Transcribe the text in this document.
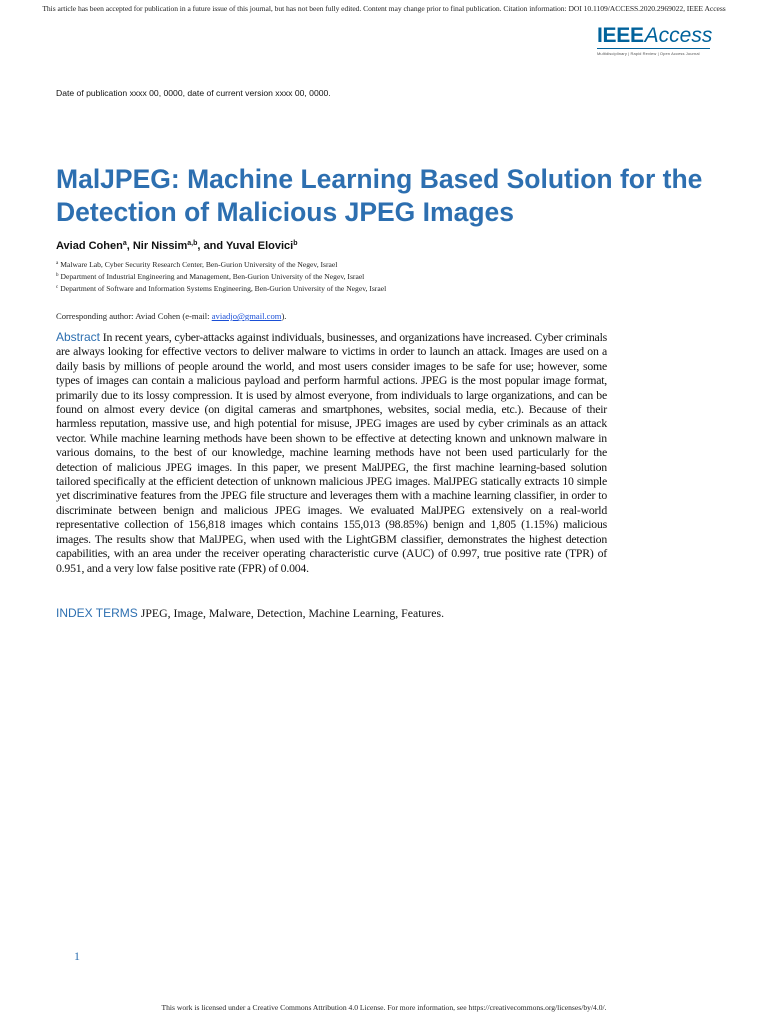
This article has been accepted for publication in a future issue of this journal, but has not been fully edited. Content may change prior to final publication. Citation information: DOI 10.1109/ACCESS.2020.2969022, IEEE Access
IEEEAccess
Multidisciplinary | Rapid Review | Open Access Journal
Date of publication xxxx 00, 0000, date of current version xxxx 00, 0000.
MalJPEG: Machine Learning Based Solution for the Detection of Malicious JPEG Images
Aviad Cohen$^a$, Nir Nissim$^{a,b}$, and Yuval Elovici$^b$
$^a$ Malware Lab, Cyber Security Research Center, Ben-Gurion University of the Negev, Israel
$^b$ Department of Industrial Engineering and Management, Ben-Gurion University of the Negev, Israel
$^c$ Department of Software and Information Systems Engineering, Ben-Gurion University of the Negev, Israel
Corresponding author: Aviad Cohen (e-mail: aviadjo@gmail.com).

Abstract In recent years, cyber-attacks against individuals, businesses, and organizations have increased. Cyber criminals are always looking for effective vectors to deliver malware to victims in order to launch an attack. Images are used on a daily basis by millions of people around the world, and most users consider images to be safe for use; however, some types of images can contain a malicious payload and perform harmful actions. JPEG is the most popular image format, primarily due to its lossy compression. It is used by almost everyone, from individuals to large organizations, and can be found on almost every device (on digital cameras and smartphones, websites, social media, etc.). Because of their harmless reputation, massive use, and high potential for misuse, JPEG images are used by cyber criminals as an attack vector. While machine learning methods have been shown to be effective at detecting known and unknown malware in various domains, to the best of our knowledge, machine learning methods have not been used particularly for the detection of malicious JPEG images. In this paper, we present MalJPEG, the first machine learning-based solution tailored specifically at the efficient detection of unknown malicious JPEG images. MalJPEG statically extracts 10 simple yet discriminative features from the JPEG file structure and leverages them with a machine learning classifier, in order to discriminate between benign and malicious JPEG images. We evaluated MalJPEG extensively on a real-world representative collection of 156,818 images which contains 155,013 (98.85%) benign and 1,805 (1.15%) malicious images. The results show that MalJPEG, when used with the LightGBM classifier, demonstrates the highest detection capabilities, with an area under the receiver operating characteristic curve (AUC) of 0.997, true positive rate (TPR) of 0.951, and a very low false positive rate (FPR) of 0.004.

INDEX TERMS JPEG, Image, Malware, Detection, Machine Learning, Features.

1
This work is licensed under a Creative Commons Attribution 4.0 License. For more information, see https://creativecommons.org/licenses/by/4.0/.
